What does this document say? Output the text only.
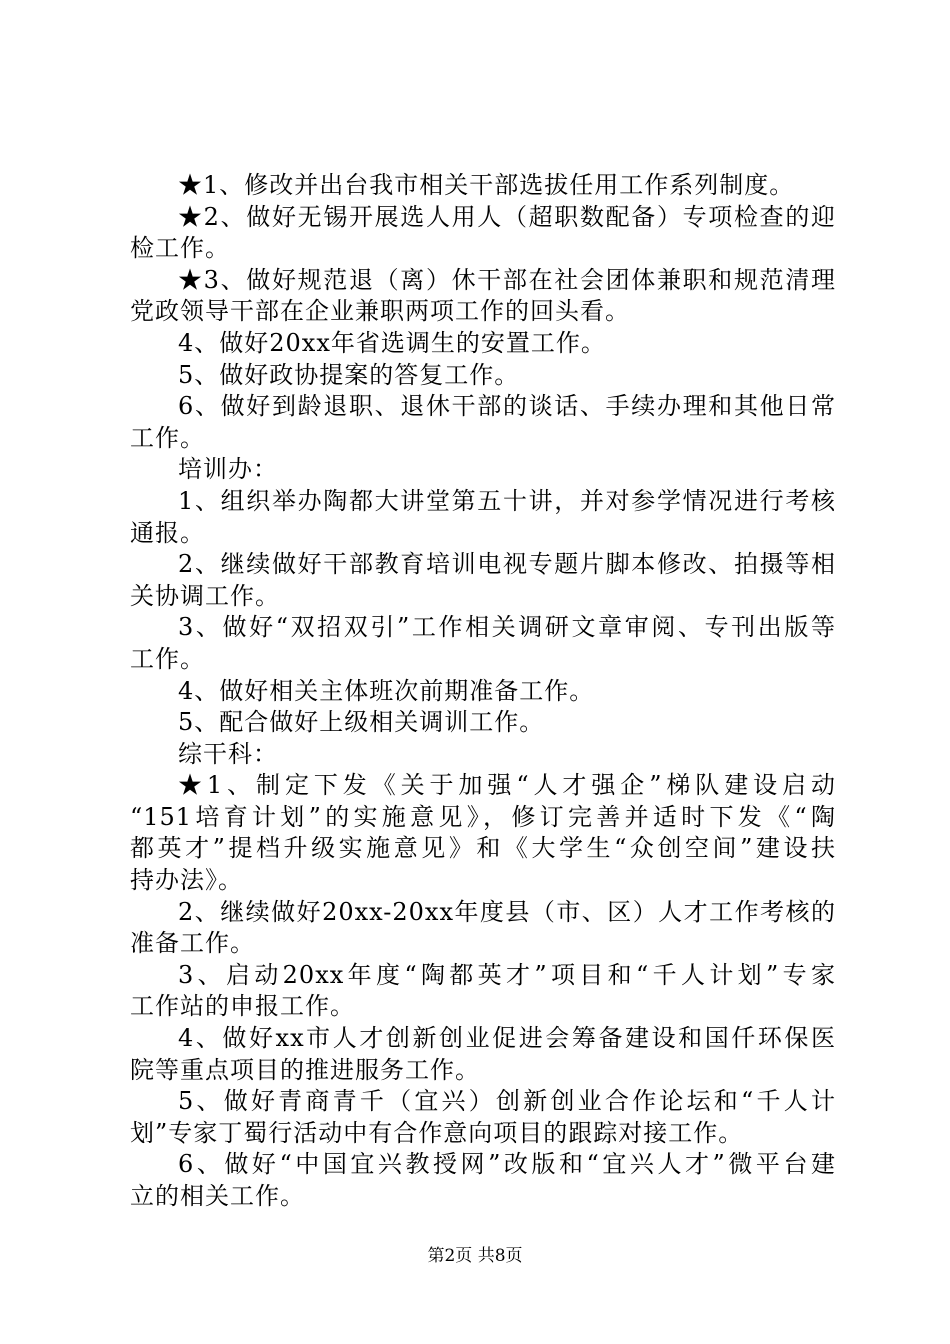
★1、修改并出台我市相关干部选拔任用工作系列制度。
★2、做好无锡开展选人用人（超职数配备）专项检查的迎
检工作。
★3、做好规范退（离）休干部在社会团体兼职和规范清理
党政领导干部在企业兼职两项工作的回头看。
4、做好20xx年省选调生的安置工作。
5、做好政协提案的答复工作。
6、做好到龄退职、退休干部的谈话、手续办理和其他日常
工作。
培训办：
1、组织举办陶都大讲堂第五十讲，并对参学情况进行考核
通报。
2、继续做好干部教育培训电视专题片脚本修改、拍摄等相
关协调工作。
3、做好“双招双引”工作相关调研文章审阅、专刊出版等
工作。
4、做好相关主体班次前期准备工作。
5、配合做好上级相关调训工作。
综干科：
★1、制定下发《关于加强“人才强企”梯队建设启动
“151培育计划”的实施意见》，修订完善并适时下发《“陶
都英才”提档升级实施意见》和《大学生“众创空间”建设扶
持办法》。
2、继续做好20xx-20xx年度县（市、区）人才工作考核的
准备工作。
3、启动20xx年度“陶都英才”项目和“千人计划”专家
工作站的申报工作。
4、做好xx市人才创新创业促进会筹备建设和国仟环保医
院等重点项目的推进服务工作。
5、做好青商青千（宜兴）创新创业合作论坛和“千人计
划”专家丁蜀行活动中有合作意向项目的跟踪对接工作。
6、做好“中国宜兴教授网”改版和“宜兴人才”微平台建
立的相关工作。
第2页 共8页
